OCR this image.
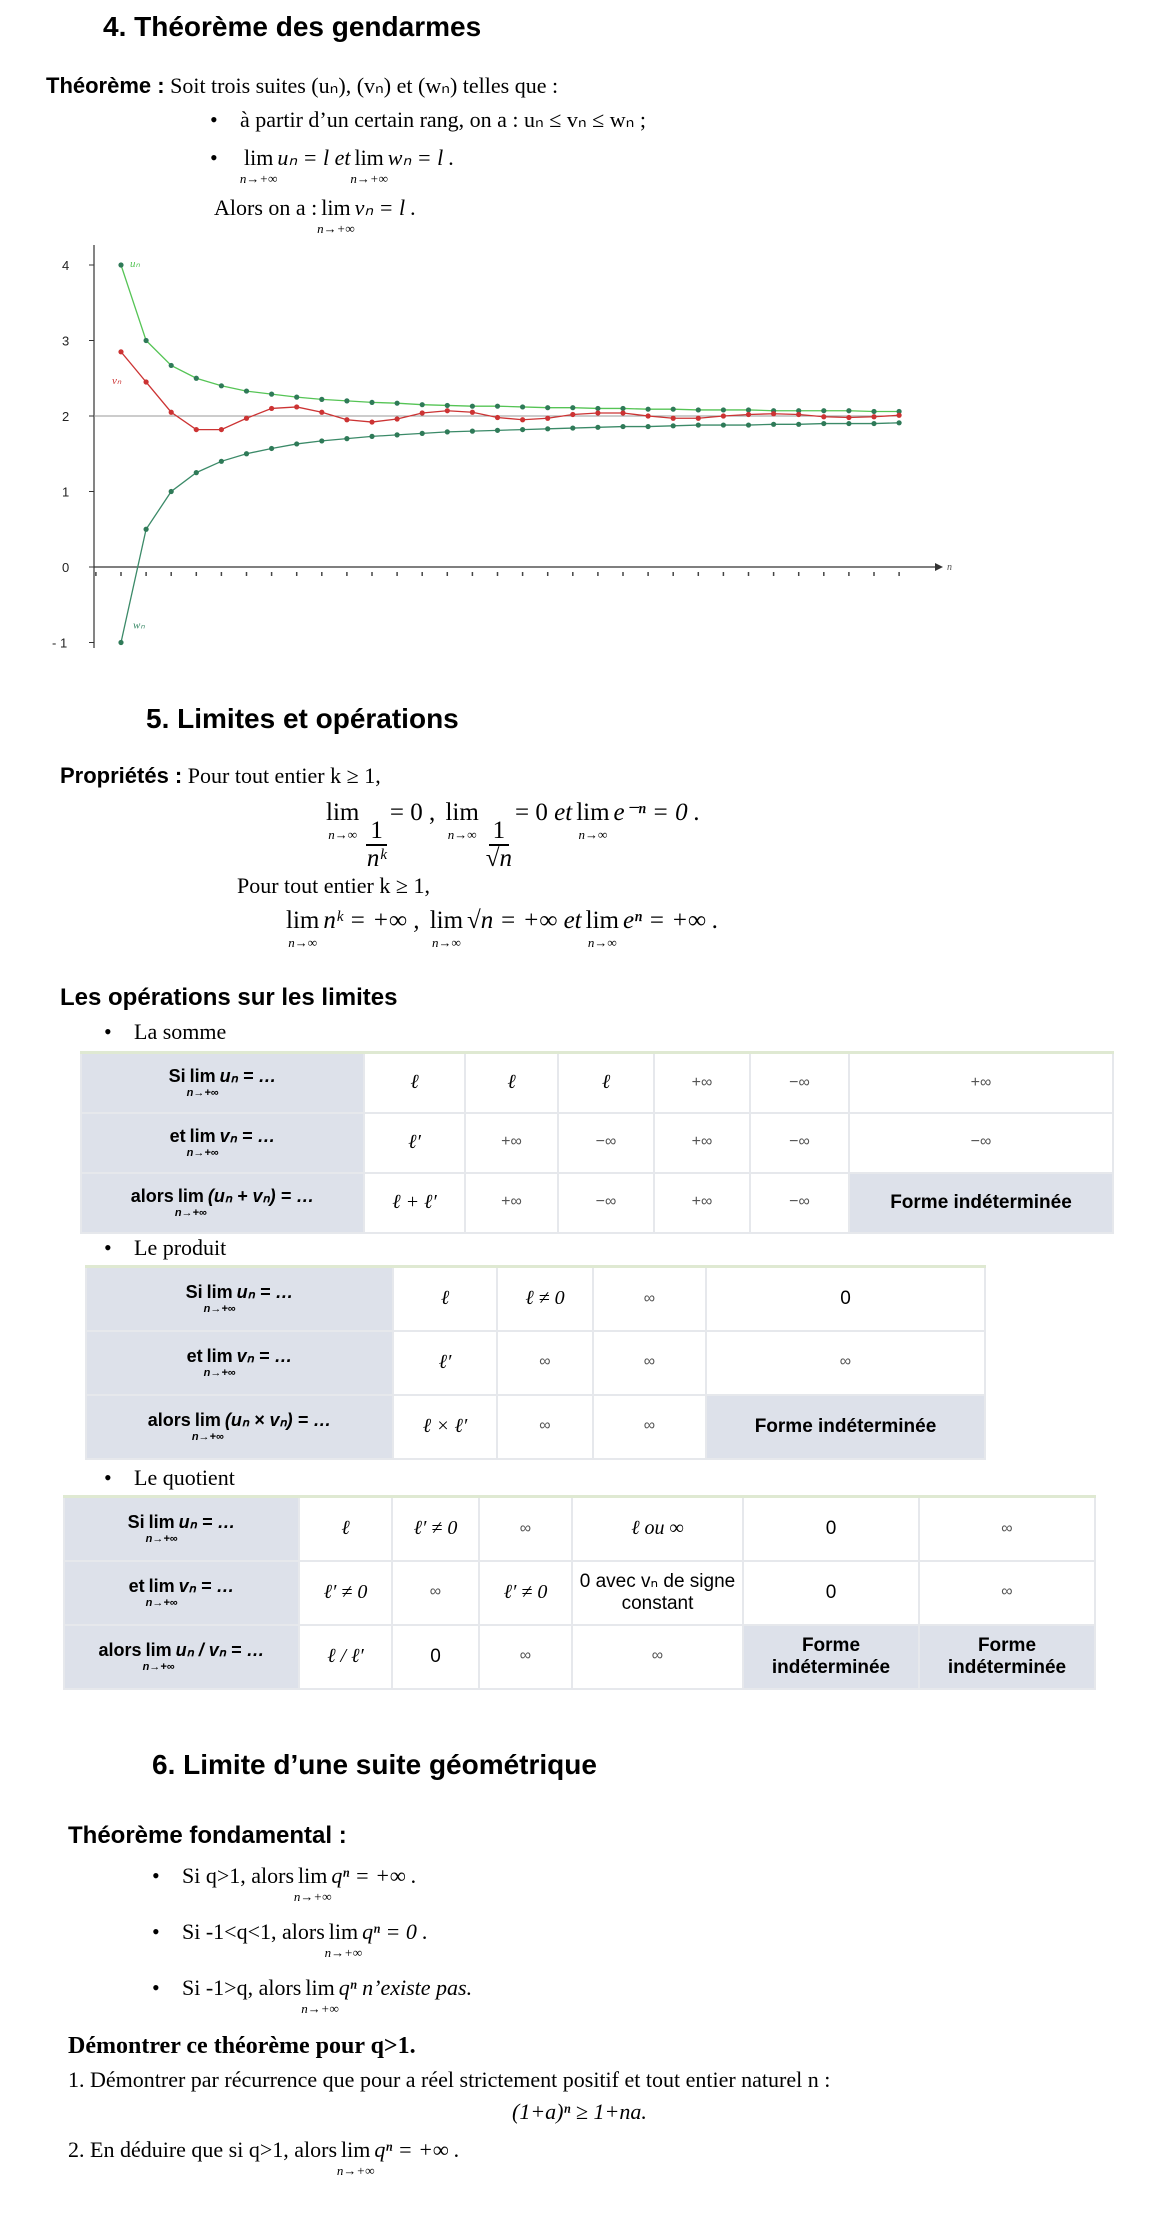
4. Théorème des gendarmes
Théorème : Soit trois suites (uₙ), (vₙ) et (wₙ) telles que :
• à partir d’un certain rang, on a : uₙ ≤ vₙ ≤ wₙ ;
• lim
n→+∞
uₙ = l et lim
n→+∞
wₙ = l .
Alors on a : lim
n→+∞
vₙ = l .
n
4
3
2
1
0
- 1
uₙ
vₙ
wₙ
5. Limites et opérations
Propriétés : Pour tout entier k ≥ 1,
lim
$n\to\infty \frac{1}{\text{nᵏ}}$
= 0 , lim
$n\to\infty \frac{1}{√n}$
= 0 et lim
n→∞
e⁻ⁿ = 0 .
Pour tout entier k ≥ 1,
lim
n→∞
nᵏ = +∞ , lim
n→∞
√n = +∞ et lim
n→∞
eⁿ = +∞ .
Les opérations sur les limites
• La somme
• Le produit
• Le quotient
Si lim
n→+∞
uₙ = …	ℓ	ℓ	ℓ	+∞	−∞	+∞
et lim
n→+∞
vₙ = …	ℓ′	+∞	−∞	+∞	−∞	−∞
alors lim
n→+∞
(uₙ + vₙ) = …	ℓ + ℓ′	+∞	−∞	+∞	−∞	Forme indéterminée
Si lim
n→+∞
uₙ = …	ℓ	ℓ ≠ 0	∞	0
et lim
n→+∞
vₙ = …	ℓ′	∞	∞	∞
alors lim
n→+∞
(uₙ × vₙ) = …	ℓ × ℓ′	∞	∞	Forme indéterminée
Si lim
n→+∞
uₙ = …	ℓ	ℓ′ ≠ 0	∞	ℓ ou ∞	0	∞
et lim
n→+∞
vₙ = …	ℓ′ ≠ 0	∞	ℓ′ ≠ 0	0 avec vₙ de signe constant	0	∞
alors lim
n→+∞
uₙ / vₙ = …	ℓ / ℓ′	0	∞	∞	Forme indéterminée	Forme indéterminée
6. Limite d’une suite géométrique
Théorème fondamental :
• Si q>1, alors lim
n→+∞
qⁿ = +∞ .
• Si -1<q<1, alors lim
n→+∞
qⁿ = 0 .
• Si -1>q, alors lim
n→+∞
qⁿ n’existe pas.
Démontrer ce théorème pour q>1.
1. Démontrer par récurrence que pour a réel strictement positif et tout entier naturel n :
(1+a)ⁿ ≥ 1+na.
2. En déduire que si q>1, alors lim
n→+∞
qⁿ = +∞ .
